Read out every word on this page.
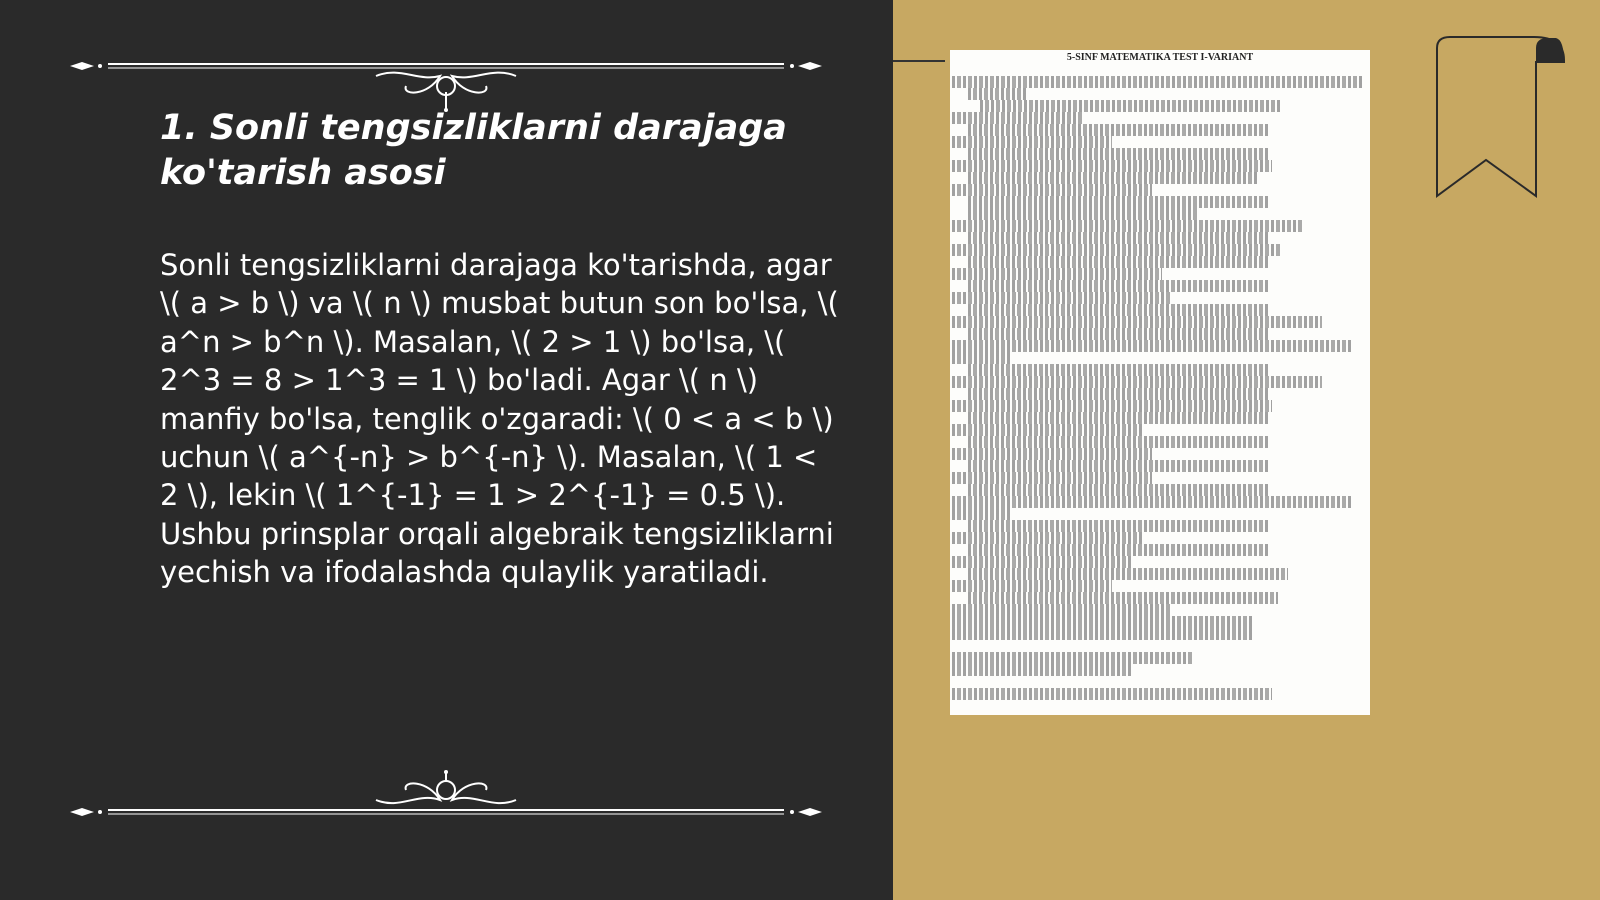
1. Sonli tengsizliklarni darajaga ko'tarish asosi

Sonli tengsizliklarni darajaga ko'tarishda, agar \( a > b \) va \( n \) musbat butun son bo'lsa, \( a^n > b^n \). Masalan, \( 2 > 1 \) bo'lsa, \( 2^3 = 8 > 1^3 = 1 \) bo'ladi. Agar \( n \) manfiy bo'lsa, tenglik o'zgaradi: \( 0 < a < b \) uchun \( a^{-n} > b^{-n} \). Masalan, \( 1 < 2 \), lekin \( 1^{-1} = 1 > 2^{-1} = 0.5 \). Ushbu prinsplar orqali algebraik tengsizliklarni yechish va ifodalashda qulaylik yaratiladi.

5-SINF MATEMATIKA TEST I-VARIANT
